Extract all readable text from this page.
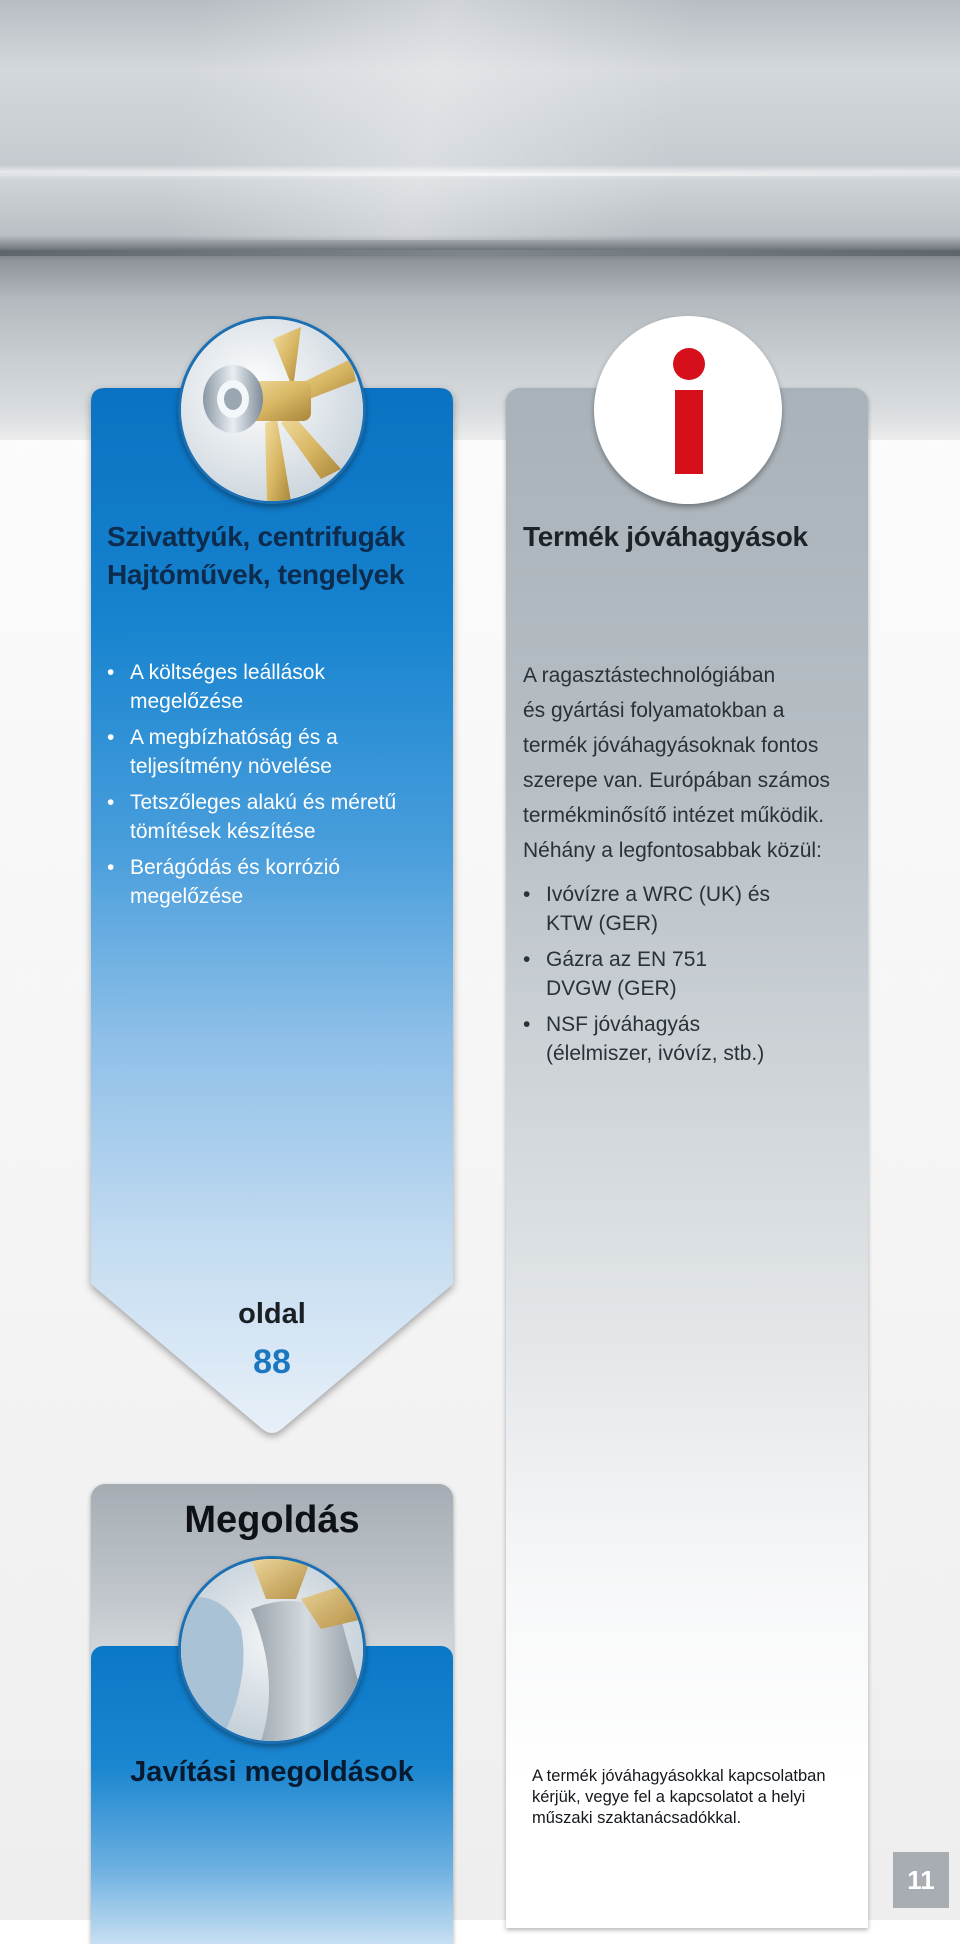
Szivattyúk, centrifugák
Hajtóművek, tengelyek
• A költséges leállások
megelőzése
• A megbízhatóság és a
teljesítmény növelése
• Tetszőleges alakú és méretű
tömítések készítése
• Berágódás és korrózió
megelőzése
oldal
88
Termék jóváhagyások
A ragasztástechnológiában
és gyártási folyamatokban a
termék jóváhagyásoknak fontos
szerepe van. Európában számos
termékminősítő intézet működik.
Néhány a legfontosabbak közül:
• Ivóvízre a WRC (UK) és
KTW (GER)
• Gázra az EN 751
DVGW (GER)
• NSF jóváhagyás
(élelmiszer, ivóvíz, stb.)
A termék jóváhagyásokkal kapcsolatban
kérjük, vegye fel a kapcsolatot a helyi
műszaki szaktanácsadókkal.
Megoldás
Javítási megoldások
11
